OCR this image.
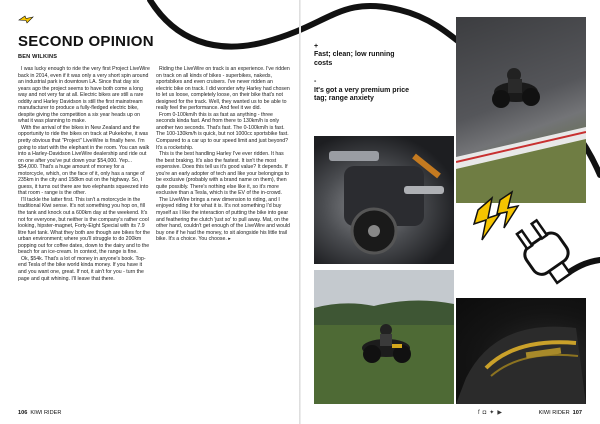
SECOND OPINION
BEN WILKINS

I was lucky enough to ride the very first Project LiveWire back in 2014, even if it was only a very short spin around an industrial park in downtown LA. Since that day six years ago the project seems to have both come a long way and not very far at all. Electric bikes are still a rare oddity and Harley Davidson is still the first mainstream manufacturer to produce a fully-fledged electric bike, despite giving the competition a six year heads up on what it was planning to make.

With the arrival of the bikes in New Zealand and the opportunity to ride the bikes on track at Pukekohe, it was pretty obvious that "Project" LiveWire is finally here. I'm going to start with the elephant in the room. You can walk into a Harley-Davidson LiveWire dealership and ride out on one after you've put down your $54,000. Yep... $54,000. That's a huge amount of money for a motorcycle, which, on the face of it, only has a range of 235km in the city and 158km out on the highway. So, I guess, it turns out there are two elephants squeezed into that room - range is the other.

I'll tackle the latter first. This isn't a motorcycle in the traditional Kiwi sense. It's not something you hop on, fill the tank and knock out a 600km day at the weekend. It's not for everyone, but neither is the company's rather cool looking, hipster-magnet, Forty-Eight Special with its 7.9 litre fuel tank. What they both are though are bikes for the urban environment; where you'll struggle to do 200km popping out for coffee dates, down to the dairy and to the beach for an ice-cream. In context, the range is fine.

Ok, $54k. That's a lot of money in anyone's book. Top-end Tesla of the bike world kinda money. If you have it and you want one, great. If not, it ain't for you - turn the page and quit whining. I'll leave that there.

Riding the LiveWire on track is an experience. I've ridden on track on all kinds of bikes - superbikes, nakeds, sportsbikes and even cruisers. I've never ridden an electric bike on track. I did wonder why Harley had chosen to let us loose, completely loose, on their bike that's not designed for the track. Well, they wanted us to be able to really feel the performance. And feel it we did.

From 0-100km/h this is as fast as anything - three seconds kinda fast. And from there to 130km/h is only another two seconds. That's fast. The 0-100km/h is fast. The 100-130km/h is quick, but not 1000cc sportsbike fast. Compared to a car up to our speed limit and just beyond? It's a rocketship.

This is the best handling Harley I've ever ridden. It has the best braking. It's also the fastest. It isn't the most expensive. Does this tell us it's good value? It depends. If you're an early adopter of tech and like your belongings to be exclusive (probably with a brand name on them), then quite possibly. There's nothing else like it, so it's more exclusive than a Tesla, which is the EV of the in-crowd.

The LiveWire brings a new dimension to riding, and I enjoyed riding it for what it is. It's not something I'd buy myself as I like the interaction of putting the bike into gear and feathering the clutch 'just so' to pull away. Mat, on the other hand, couldn't get enough of the LiveWire and would buy one if he had the money, to sit alongside his little trail bike. It's a choice. You choose. ▸

+
Fast; clean; low running costs
-
It's got a very premium price tag; range anxiety
106 KIWI RIDER	f◘✦▶	KIWI RIDER 107
